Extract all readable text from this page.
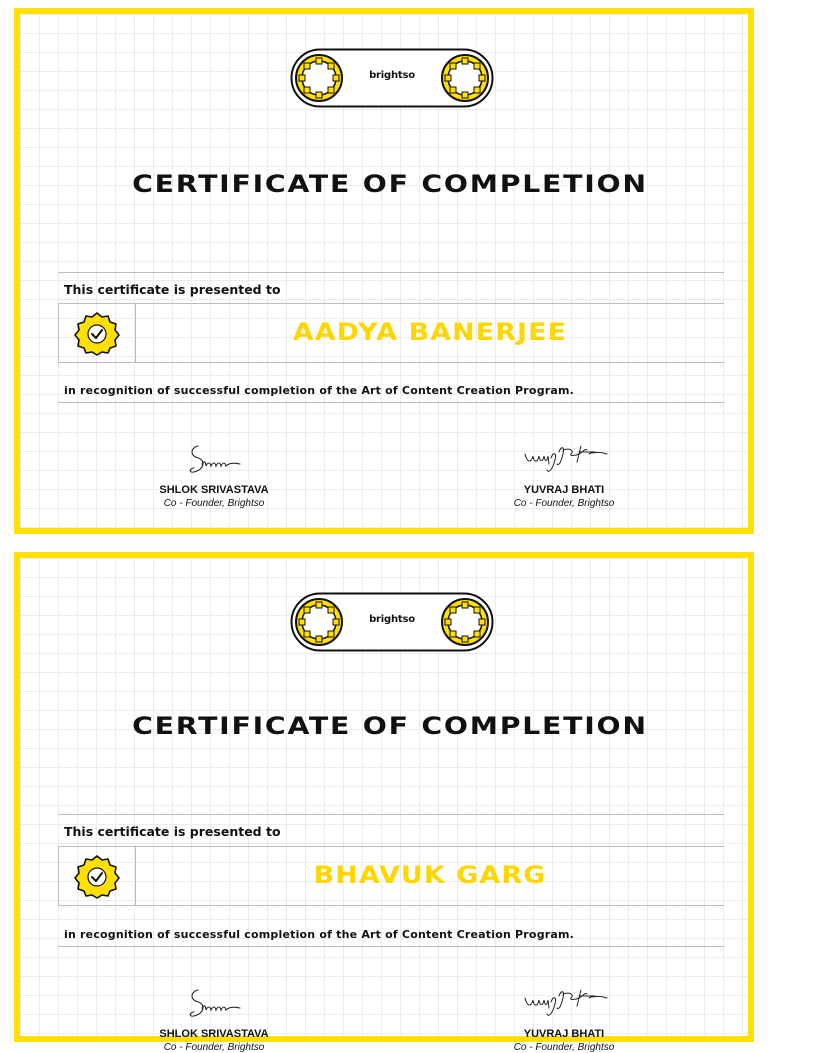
brightso
CERTIFICATE OF COMPLETION
This certificate is presented to
AADYA BANERJEE
in recognition of successful completion of the Art of Content Creation Program.
SHLOK SRIVASTAVA
Co - Founder, Brightso
YUVRAJ BHATI
Co - Founder, Brightso
brightso
CERTIFICATE OF COMPLETION
This certificate is presented to
BHAVUK GARG
in recognition of successful completion of the Art of Content Creation Program.
SHLOK SRIVASTAVA
Co - Founder, Brightso
YUVRAJ BHATI
Co - Founder, Brightso
